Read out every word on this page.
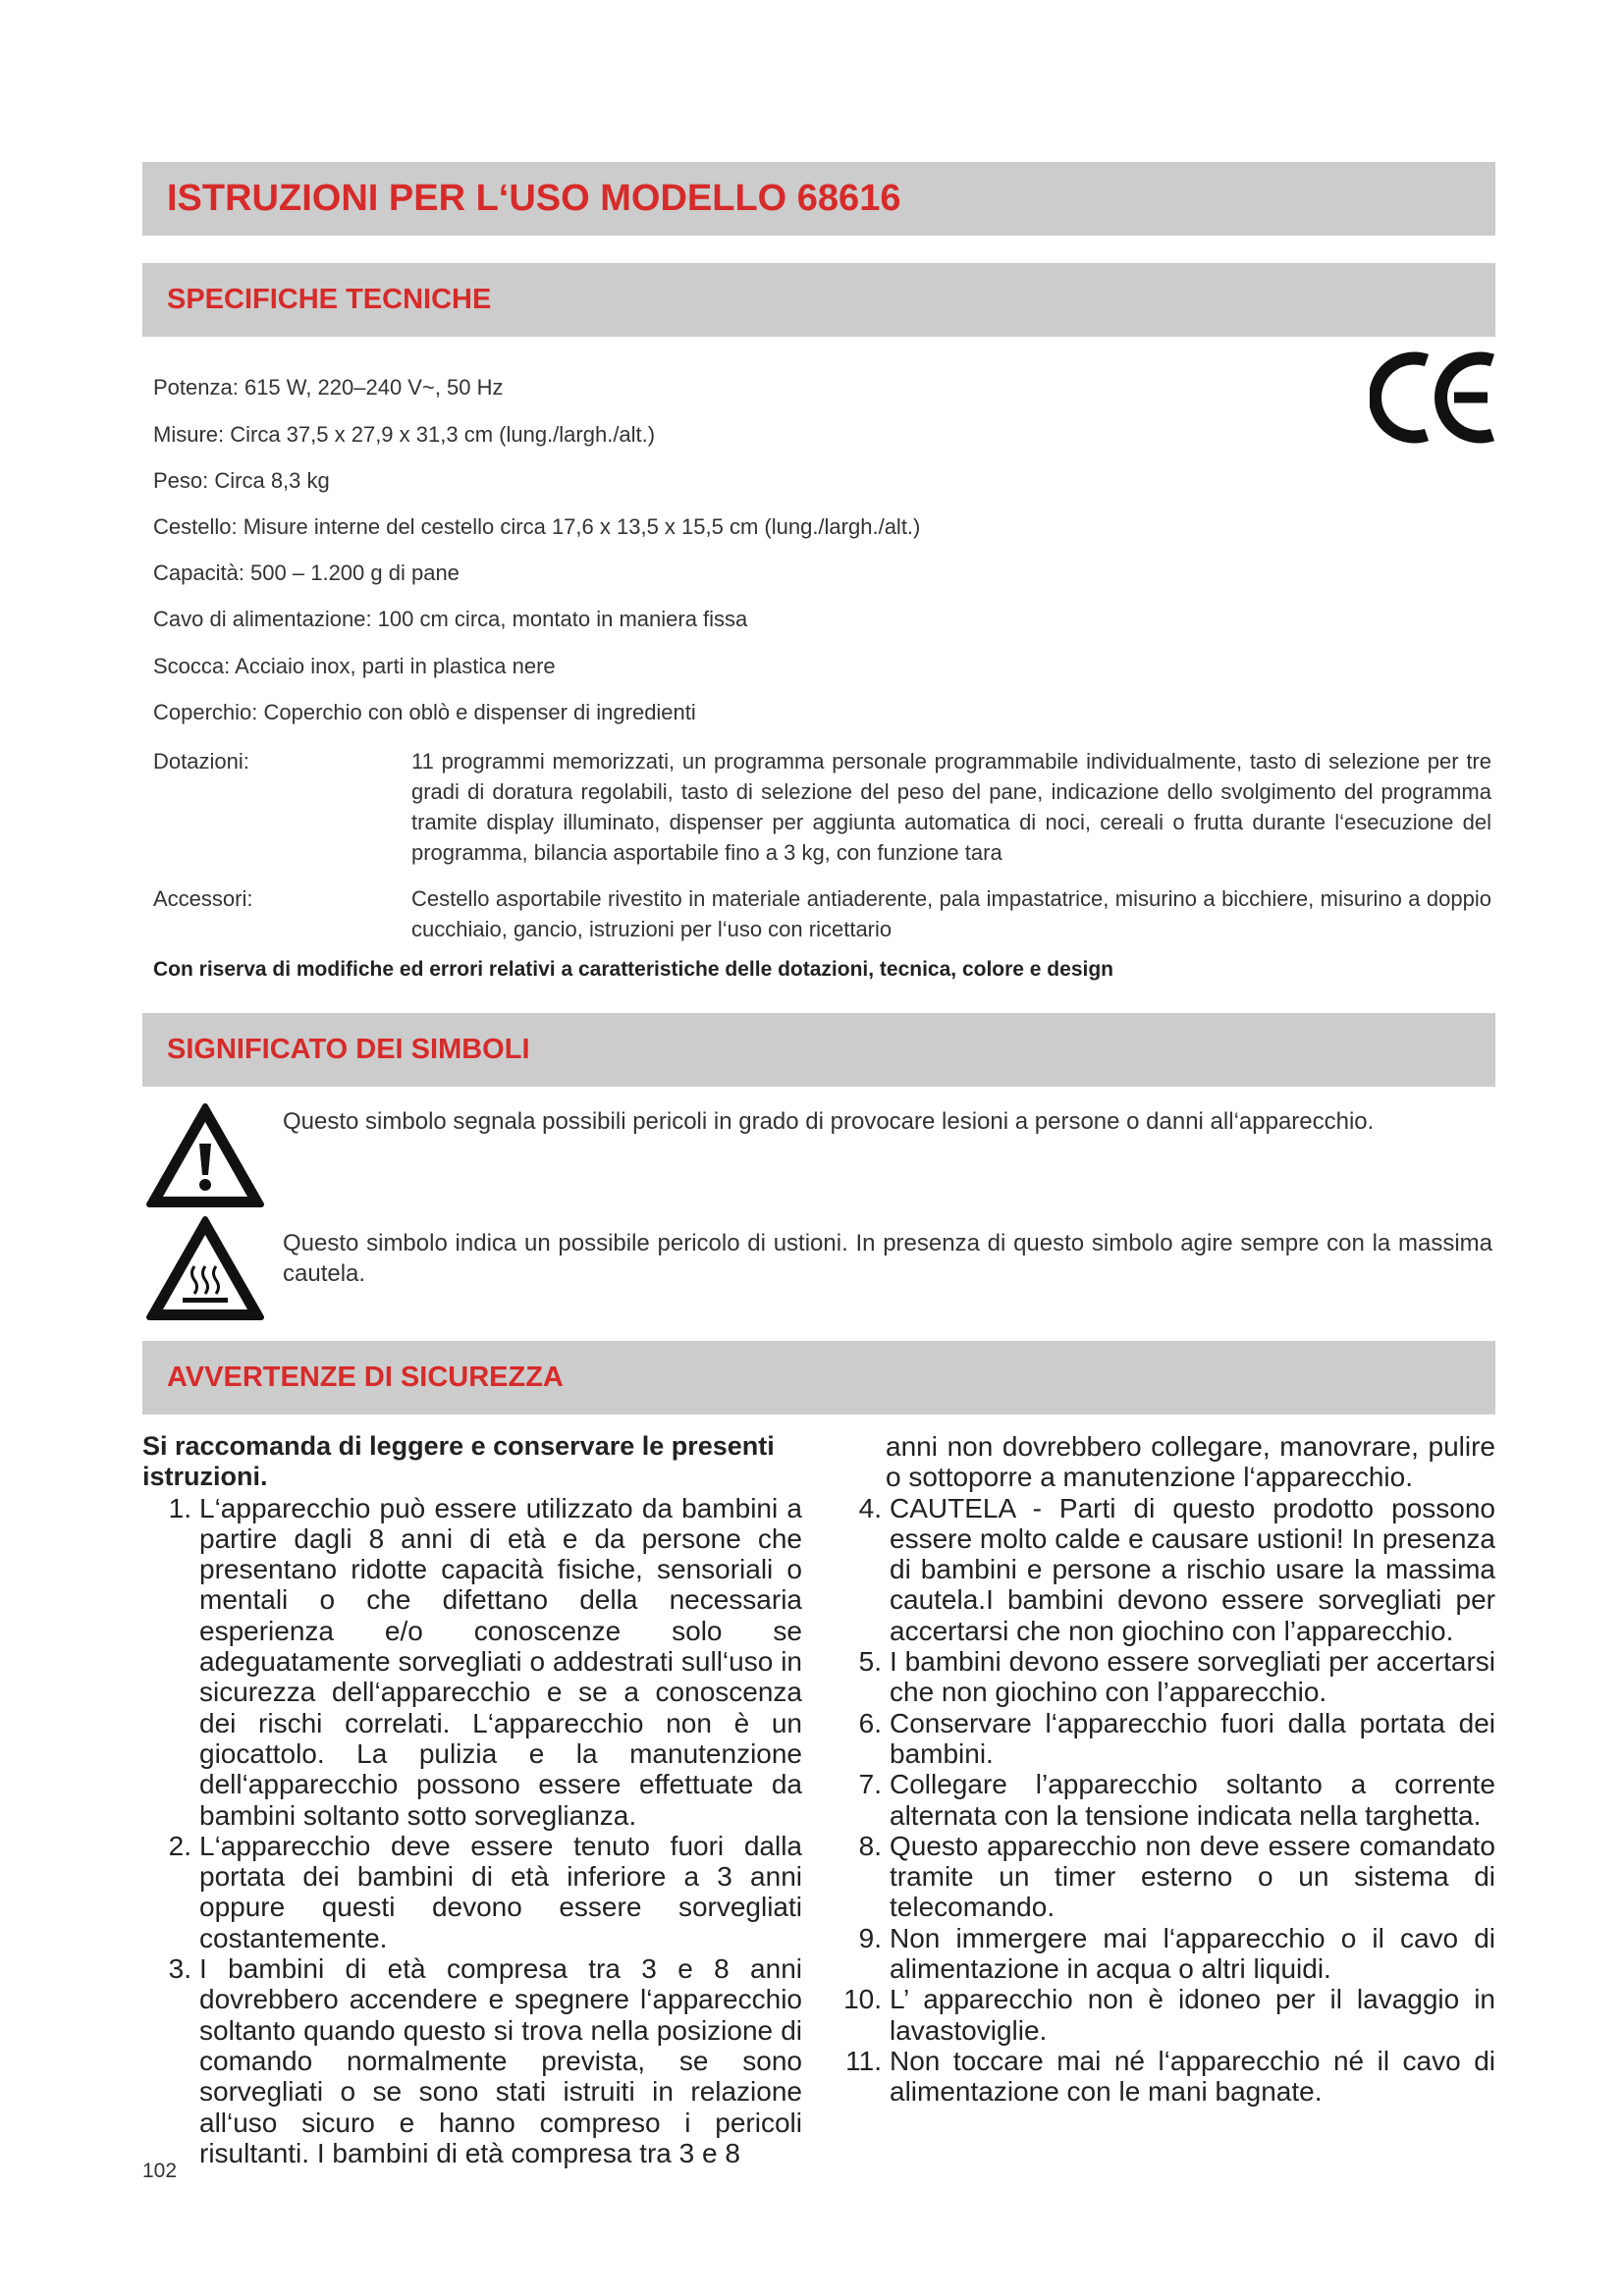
ISTRUZIONI PER L‘USO MODELLO 68616
SPECIFICHE TECNICHE
Potenza: 615 W, 220–240 V~, 50 Hz
Misure: Circa 37,5 x 27,9 x 31,3 cm (lung./largh./alt.)
Peso: Circa 8,3 kg
Cestello: Misure interne del cestello circa 17,6 x 13,5 x 15,5 cm (lung./largh./alt.)
Capacità: 500 – 1.200 g di pane
Cavo di alimentazione: 100 cm circa, montato in maniera fissa
Scocca: Acciaio inox, parti in plastica nere
Coperchio: Coperchio con oblò e dispenser di ingredienti
Dotazioni:	11 programmi memorizzati, un programma personale programmabile individualmente, tasto di selezione per tre gradi di doratura regolabili, tasto di selezione del peso del pane, indicazione dello svolgimento del programma tramite display illuminato, dispenser per aggiunta automatica di noci, cereali o frutta durante l‘esecuzione del programma, bilancia asportabile fino a 3 kg, con funzione tara
Accessori:	Cestello asportabile rivestito in materiale antiaderente, pala impastatrice, misurino a bicchiere, misurino a doppio cucchiaio, gancio, istruzioni per l‘uso con ricettario
Con riserva di modifiche ed errori relativi a caratteristiche delle dotazioni, tecnica, colore e design
SIGNIFICATO DEI SIMBOLI
Questo simbolo segnala possibili pericoli in grado di provocare lesioni a persone o danni all‘apparecchio.
Questo simbolo indica un possibile pericolo di ustioni. In presenza di questo simbolo agire sempre con la massima cautela.
AVVERTENZE DI SICUREZZA

Si raccomanda di leggere e conservare le presenti istruzioni.

1. L‘apparecchio può essere utilizzato da bambini a partire dagli 8 anni di età e da persone che presentano ridotte capacità fisiche, sensoriali o mentali o che difettano della necessaria esperienza e/o conoscenze solo se adeguatamente sorvegliati o addestrati sull‘uso in sicurezza dell‘apparecchio e se a conoscenza dei rischi correlati. L‘apparecchio non è un giocattolo. La pulizia e la manutenzione dell‘apparecchio possono essere effettuate da bambini soltanto sotto sorveglianza.
2. L‘apparecchio deve essere tenuto fuori dalla portata dei bambini di età inferiore a 3 anni oppure questi devono essere sorvegliati costantemente.
3. I bambini di età compresa tra 3 e 8 anni dovrebbero accendere e spegnere l‘apparecchio soltanto quando questo si trova nella posizione di comando normalmente prevista, se sono sorvegliati o se sono stati istruiti in relazione all‘uso sicuro e hanno compreso i pericoli risultanti. I bambini di età compresa tra 3 e 8

anni non dovrebbero collegare, manovrare, pulire o sottoporre a manutenzione l‘apparecchio.

4. CAUTELA - Parti di questo prodotto possono essere molto calde e causare ustioni! In presenza di bambini e persone a rischio usare la massima cautela.I bambini devono essere sorvegliati per accertarsi che non giochino con l’apparecchio.
5. I bambini devono essere sorvegliati per accertarsi che non giochino con l’apparecchio.
6. Conservare l‘apparecchio fuori dalla portata dei bambini.
7. Collegare l’apparecchio soltanto a corrente alternata con la tensione indicata nella targhetta.
8. Questo apparecchio non deve essere comandato tramite un timer esterno o un sistema di telecomando.
9. Non immergere mai l‘apparecchio o il cavo di alimentazione in acqua o altri liquidi.
10. L’ apparecchio non è idoneo per il lavaggio in lavastoviglie.
11. Non toccare mai né l‘apparecchio né il cavo di alimentazione con le mani bagnate.
102
